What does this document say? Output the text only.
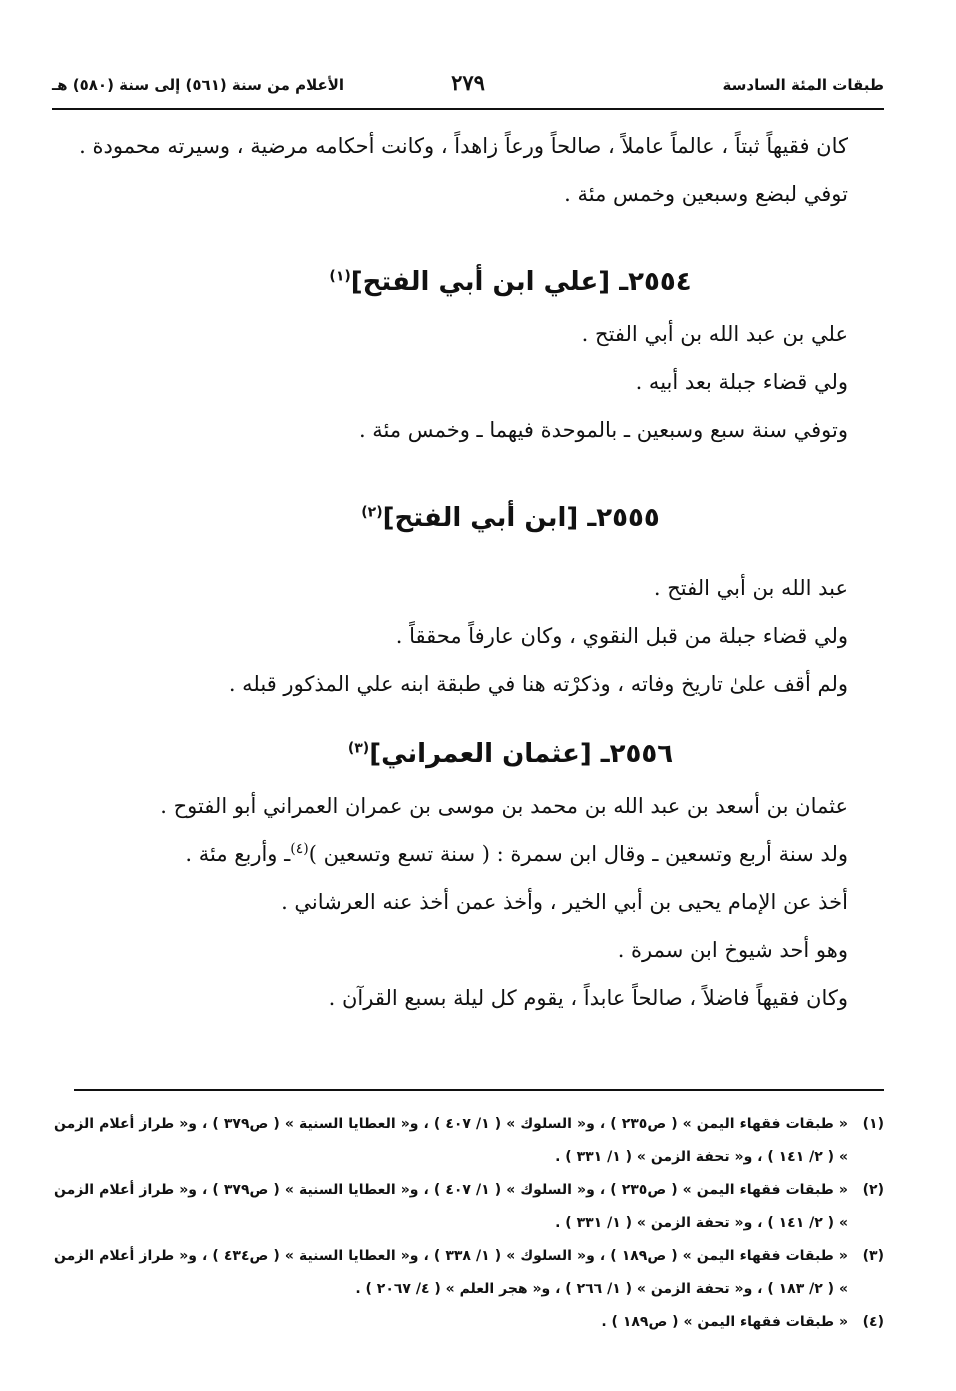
طبقات المئة السادسة
٢٧٩
الأعلام من سنة (٥٦١) إلى سنة (٥٨٠) هـ
كان فقيهاً ثبتاً ، عالماً عاملاً ، صالحاً ورعاً زاهداً ، وكانت أحكامه مرضية ، وسيرته محمودة .
توفي لبضع وسبعين وخمس مئة .
٢٥٥٤ـ [علي ابن أبي الفتح]$^{(١)}$
علي بن عبد الله بن أبي الفتح .
ولي قضاء جبلة بعد أبيه .
وتوفي سنة سبع وسبعين ـ بالموحدة فيهما ـ وخمس مئة .
٢٥٥٥ـ [ابن أبي الفتح]$^{(٢)}$
عبد الله بن أبي الفتح .
ولي قضاء جبلة من قبل النقوي ، وكان عارفاً محققاً .
ولم أقف علىٰ تاريخ وفاته ، وذكرْته هنا في طبقة ابنه علي المذكور قبله .
٢٥٥٦ـ [عثمان العمراني]$^{(٣)}$
عثمان بن أسعد بن عبد الله بن محمد بن موسى بن عمران العمراني أبو الفتوح .
ولد سنة أربع وتسعين ـ وقال ابن سمرة : ( سنة تسع وتسعين )$^{(٤)}$ـ وأربع مئة .
أخذ عن الإمام يحيى بن أبي الخير ، وأخذ عمن أخذ عنه العرشاني .
وهو أحد شيوخ ابن سمرة .
وكان فقيهاً فاضلاً ، صالحاً عابداً ، يقوم كل ليلة بسبع القرآن .
(١)
« طبقات فقهاء اليمن » ( ص٢٣٥ ) ، و« السلوك » ( ١/ ٤٠٧ ) ، و« العطايا السنية » ( ص٣٧٩ ) ، و« طراز أعلام الزمن » ( ٢/ ١٤١ ) ، و« تحفة الزمن » ( ١/ ٣٣١ ) .
(٢)
« طبقات فقهاء اليمن » ( ص٢٣٥ ) ، و« السلوك » ( ١/ ٤٠٧ ) ، و« العطايا السنية » ( ص٣٧٩ ) ، و« طراز أعلام الزمن » ( ٢/ ١٤١ ) ، و« تحفة الزمن » ( ١/ ٣٣١ ) .
(٣)
« طبقات فقهاء اليمن » ( ص١٨٩ ) ، و« السلوك » ( ١/ ٣٣٨ ) ، و« العطايا السنية » ( ص٤٣٤ ) ، و« طراز أعلام الزمن » ( ٢/ ١٨٣ ) ، و« تحفة الزمن » ( ١/ ٢٦٦ ) ، و« هجر العلم » ( ٤/ ٢٠٦٧ ) .
(٤)
« طبقات فقهاء اليمن » ( ص١٨٩ ) .
